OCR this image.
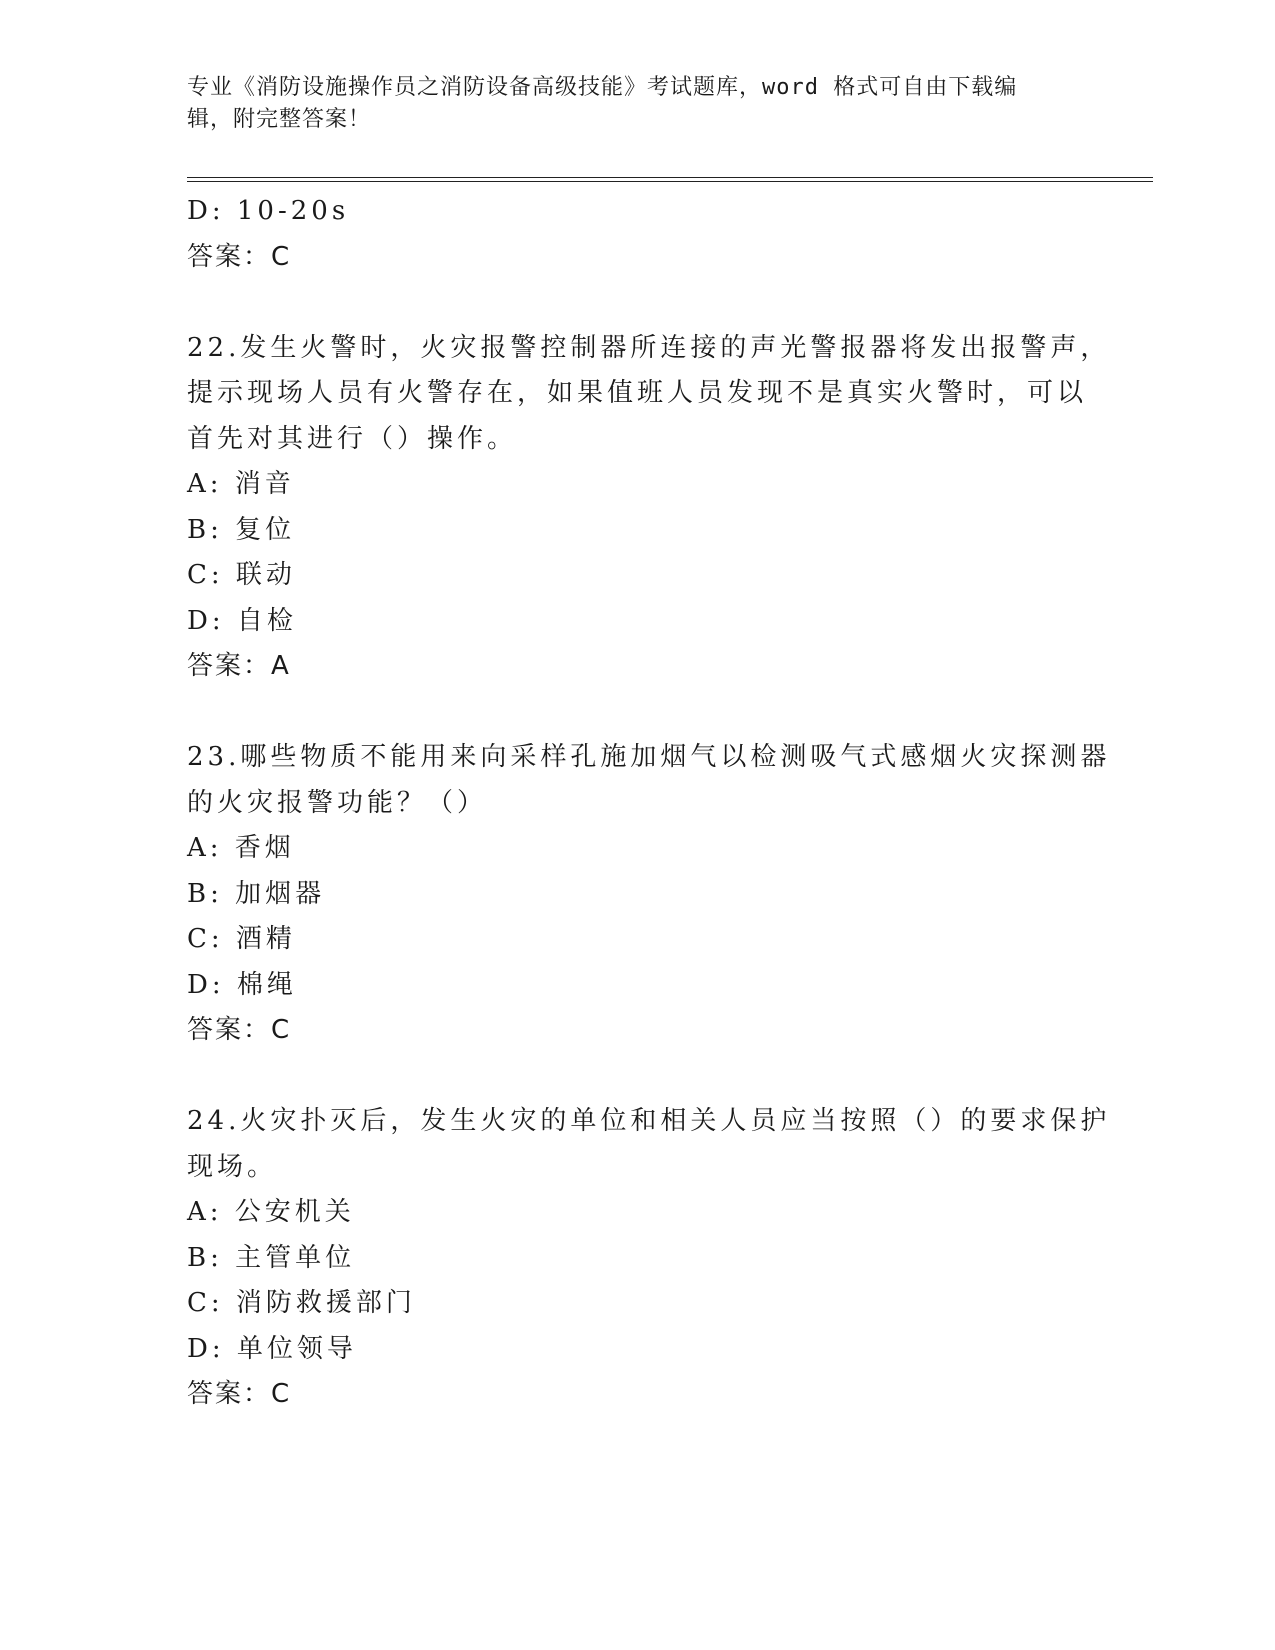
专业《消防设施操作员之消防设备高级技能》考试题库，word 格式可自由下载编
辑，附完整答案！
D: 10-20s
答案：C
22.发生火警时，火灾报警控制器所连接的声光警报器将发出报警声，
提示现场人员有火警存在，如果值班人员发现不是真实火警时，可以
首先对其进行（）操作。
A: 消音
B: 复位
C: 联动
D: 自检
答案：A
23.哪些物质不能用来向采样孔施加烟气以检测吸气式感烟火灾探测器
的火灾报警功能？（）
A: 香烟
B: 加烟器
C: 酒精
D: 棉绳
答案：C
24.火灾扑灭后，发生火灾的单位和相关人员应当按照（）的要求保护
现场。
A: 公安机关
B: 主管单位
C: 消防救援部门
D: 单位领导
答案：C
